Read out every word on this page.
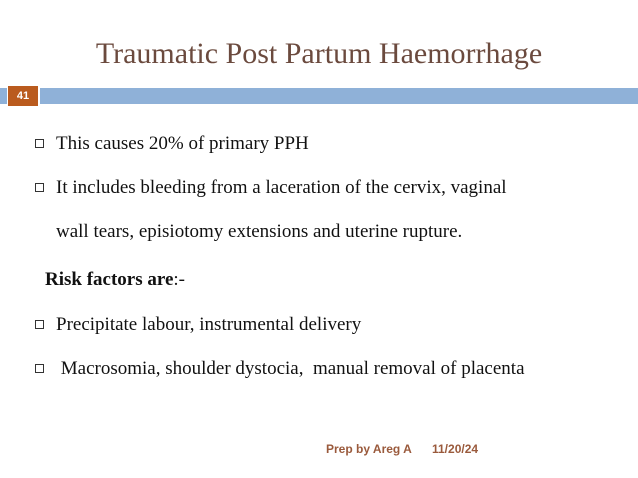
Traumatic Post Partum Haemorrhage
41
This causes 20% of primary PPH
It includes bleeding from a laceration of the cervix, vaginal
wall tears, episiotomy extensions and uterine rupture.
Risk factors are:-
Precipitate labour, instrumental delivery
Macrosomia, shoulder dystocia,  manual removal of placenta
Prep by Areg A 11/20/24
